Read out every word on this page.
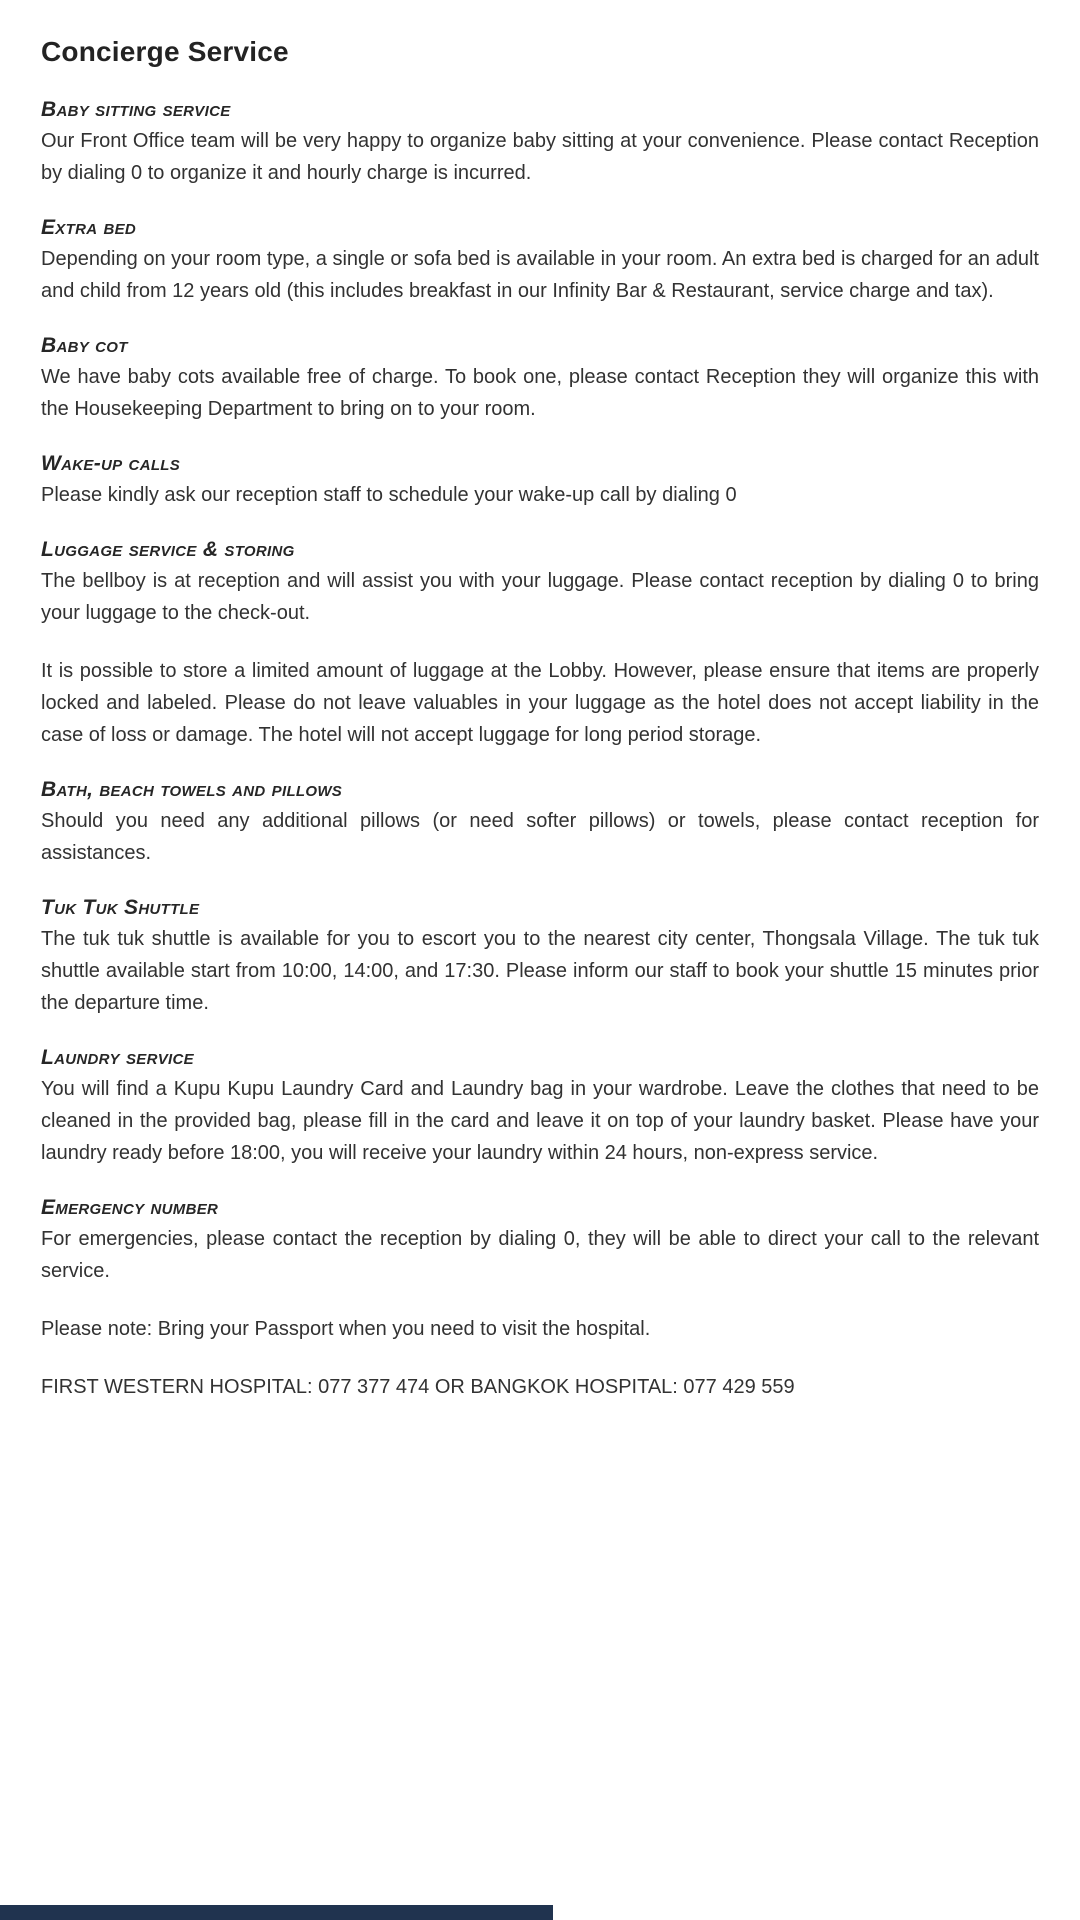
Concierge Service
Baby sitting service

Our Front Office team will be very happy to organize baby sitting at your convenience. Please contact Reception by dialing 0 to organize it and hourly charge is incurred.

Extra bed

Depending on your room type, a single or sofa bed is available in your room. An extra bed is charged for an adult and child from 12 years old (this includes breakfast in our Infinity Bar & Restaurant, service charge and tax).

Baby cot

We have baby cots available free of charge. To book one, please contact Reception they will organize this with the Housekeeping Department to bring on to your room.

Wake-up calls

Please kindly ask our reception staff to schedule your wake-up call by dialing 0

Luggage service & storing

The bellboy is at reception and will assist you with your luggage. Please contact reception by dialing 0 to bring your luggage to the check-out.

It is possible to store a limited amount of luggage at the Lobby. However, please ensure that items are properly locked and labeled. Please do not leave valuables in your luggage as the hotel does not accept liability in the case of loss or damage. The hotel will not accept luggage for long period storage.

Bath, beach towels and pillows

Should you need any additional pillows (or need softer pillows) or towels, please contact reception for assistances.

Tuk Tuk Shuttle

The tuk tuk shuttle is available for you to escort you to the nearest city center, Thongsala Village. The tuk tuk shuttle available start from 10:00, 14:00, and 17:30. Please inform our staff to book your shuttle 15 minutes prior the departure time.

Laundry service

You will find a Kupu Kupu Laundry Card and Laundry bag in your wardrobe. Leave the clothes that need to be cleaned in the provided bag, please fill in the card and leave it on top of your laundry basket. Please have your laundry ready before 18:00, you will receive your laundry within 24 hours, non-express service.

Emergency number

For emergencies, please contact the reception by dialing 0, they will be able to direct your call to the relevant service.

Please note: Bring your Passport when you need to visit the hospital.

FIRST WESTERN HOSPITAL: 077 377 474 OR BANGKOK HOSPITAL: 077 429 559
